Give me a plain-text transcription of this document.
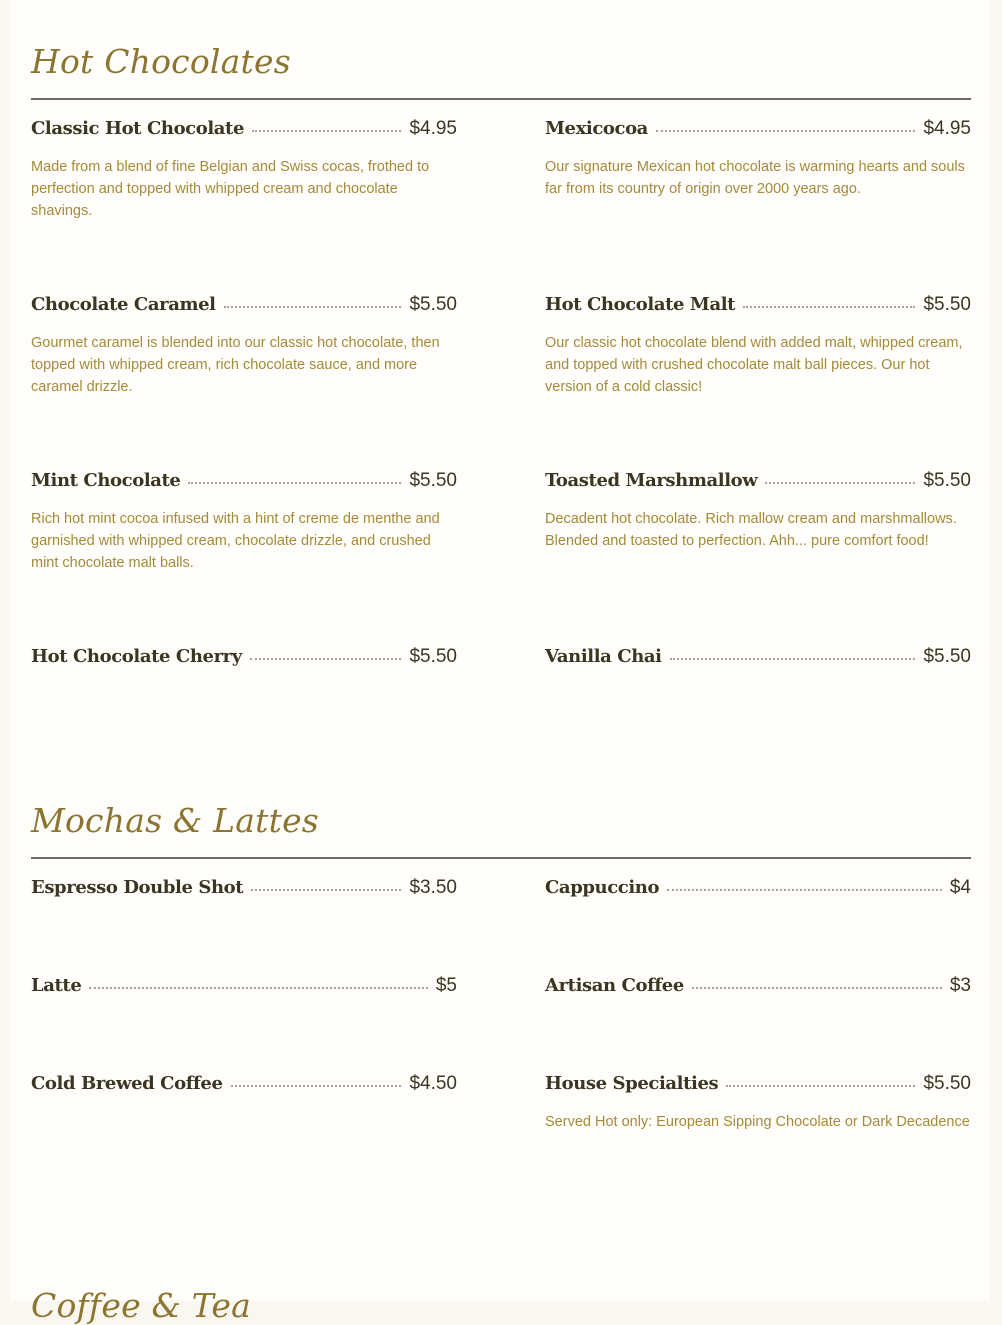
Hot Chocolates
Classic Hot Chocolate	$4.95

Made from a blend of fine Belgian and Swiss cocas, frothed to perfection and topped with whipped cream and chocolate shavings.

Mexicocoa	$4.95

Our signature Mexican hot chocolate is warming hearts and souls far from its country of origin over 2000 years ago.

Chocolate Caramel	$5.50

Gourmet caramel is blended into our classic hot chocolate, then topped with whipped cream, rich chocolate sauce, and more caramel drizzle.

Hot Chocolate Malt	$5.50

Our classic hot chocolate blend with added malt, whipped cream, and topped with crushed chocolate malt ball pieces. Our hot version of a cold classic!

Mint Chocolate	$5.50

Rich hot mint cocoa infused with a hint of creme de menthe and garnished with whipped cream, chocolate drizzle, and crushed mint chocolate malt balls.

Toasted Marshmallow	$5.50

Decadent hot chocolate. Rich mallow cream and marshmallows. Blended and toasted to perfection. Ahh... pure comfort food!

Hot Chocolate Cherry	$5.50	Vanilla Chai	$5.50
Mochas & Lattes
Espresso Double Shot	$3.50	Cappuccino	$4
Latte	$5	Artisan Coffee	$3
Cold Brewed Coffee	$4.50	House Specialties	$5.50

Served Hot only: European Sipping Chocolate or Dark Decadence

Coffee & Tea
